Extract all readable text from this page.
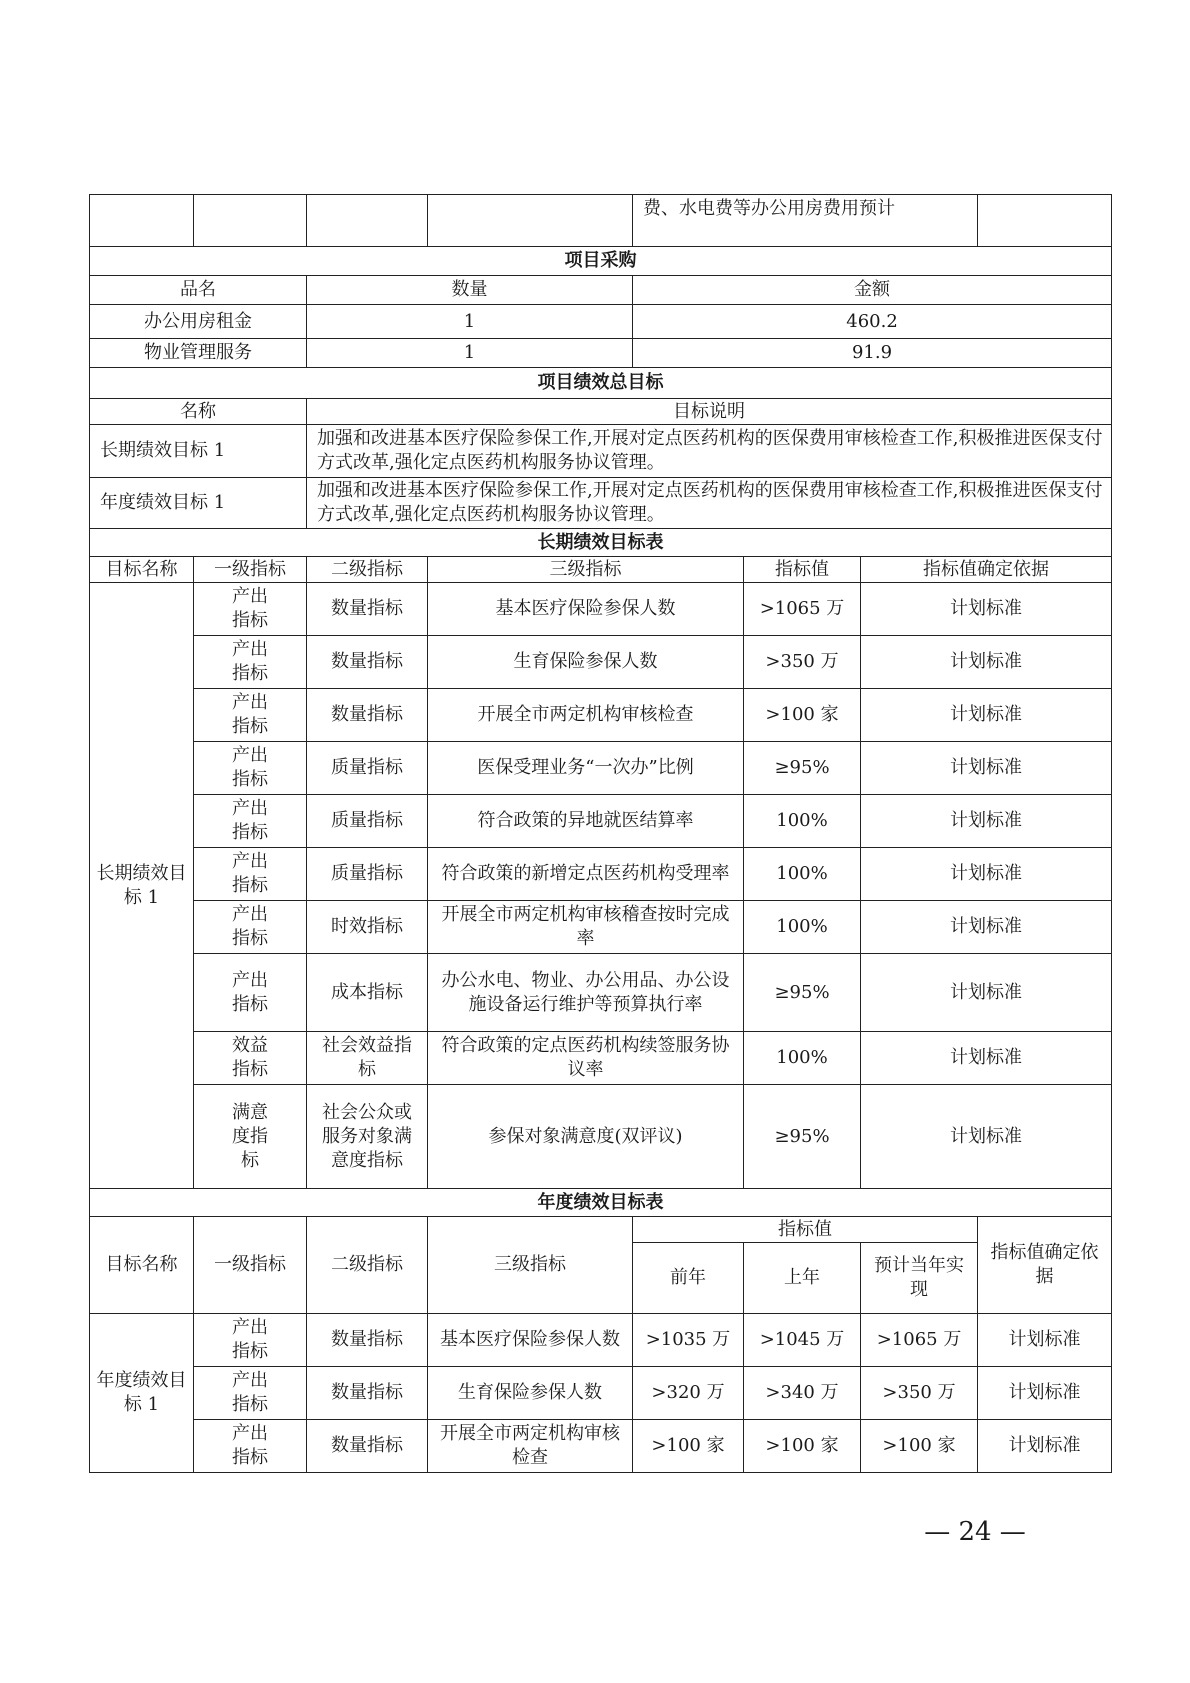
				费、水电费等办公用房费用预计			
项目采购							
品名		数量		金额			
办公用房租金		1		460.2			
物业管理服务		1		91.9			
项目绩效总目标							
名称		目标说明					
长期绩效目标 1		加强和改进基本医疗保险参保工作,开展对定点医药机构的医保费用审核检查工作,积极推进医保支付方式改革,强化定点医药机构服务协议管理。					
年度绩效目标 1		加强和改进基本医疗保险参保工作,开展对定点医药机构的医保费用审核检查工作,积极推进医保支付方式改革,强化定点医药机构服务协议管理。					
长期绩效目标表							
目标名称	一级指标	二级指标	三级指标		指标值	指标值确定依据	
长期绩效目标 1	产出指标	数量指标	基本医疗保险参保人数		>1065 万	计划标准	
	产出指标	数量指标	生育保险参保人数		>350 万	计划标准	
	产出指标	数量指标	开展全市两定机构审核检查		>100 家	计划标准	
	产出指标	质量指标	医保受理业务“一次办”比例		≥95%	计划标准	
	产出指标	质量指标	符合政策的异地就医结算率		100%	计划标准	
	产出指标	质量指标	符合政策的新增定点医药机构受理率		100%	计划标准	
	产出指标	时效指标	开展全市两定机构审核稽查按时完成率		100%	计划标准	
	产出指标	成本指标	办公水电、物业、办公用品、办公设施设备运行维护等预算执行率		≥95%	计划标准	
	效益指标	社会效益指标	符合政策的定点医药机构续签服务协议率		100%	计划标准	
	满意度指标	社会公众或服务对象满意度指标	参保对象满意度(双评议)		≥95%	计划标准	
年度绩效目标表							
目标名称	一级指标	二级指标	三级指标	指标值			指标值确定依据
				前年	上年	预计当年实现	
年度绩效目标 1	产出指标	数量指标	基本医疗保险参保人数	>1035 万	>1045 万	>1065 万	计划标准
	产出指标	数量指标	生育保险参保人数	>320 万	>340 万	>350 万	计划标准
	产出指标	数量指标	开展全市两定机构审核检查	>100 家	>100 家	>100 家	计划标准
— 24 —
